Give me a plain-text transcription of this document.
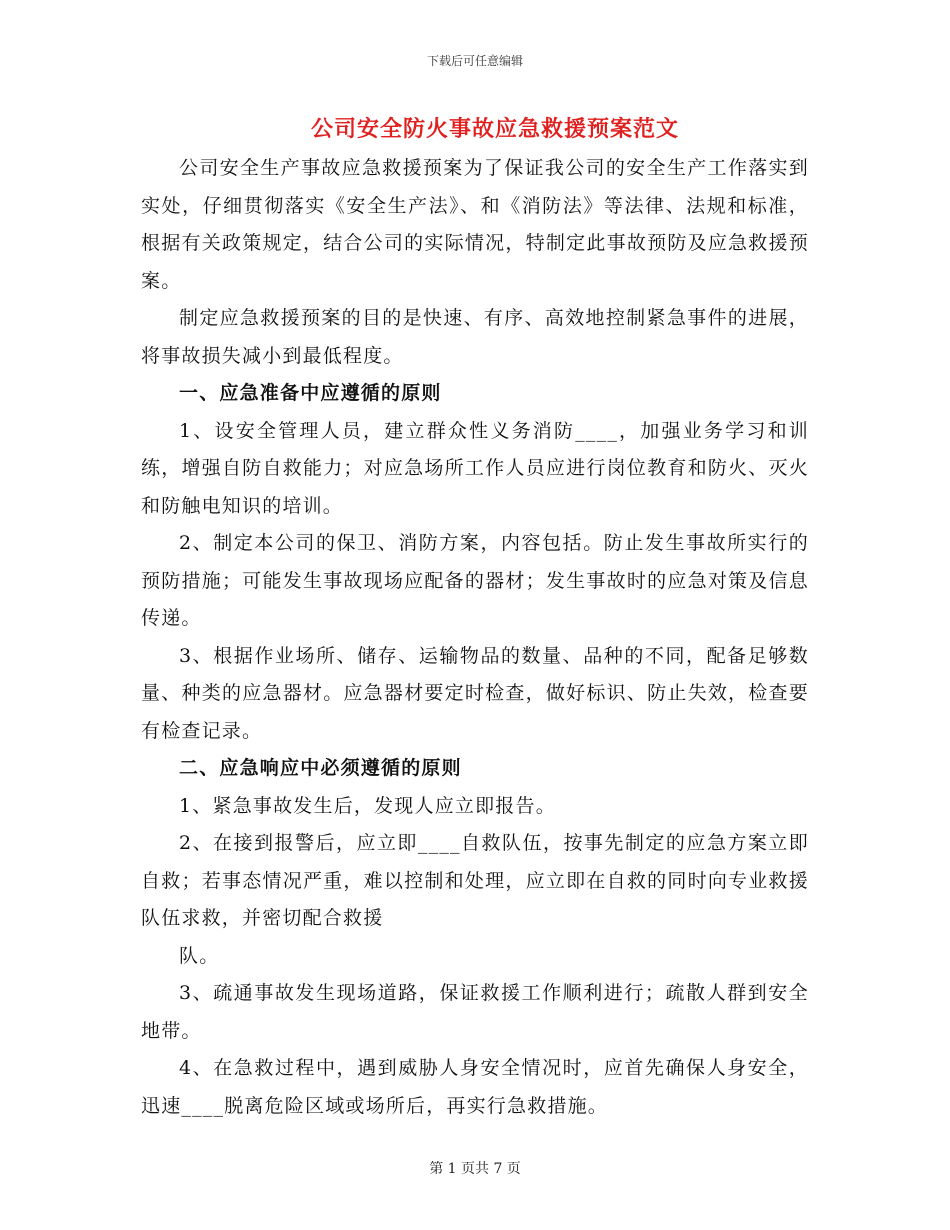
下载后可任意编辑
公司安全防火事故应急救援预案范文

公司安全生产事故应急救援预案为了保证我公司的安全生产工作落实到实处，仔细贯彻落实《安全生产法》、和《消防法》等法律、法规和标准，根据有关政策规定，结合公司的实际情况，特制定此事故预防及应急救援预案。

制定应急救援预案的目的是快速、有序、高效地控制紧急事件的进展，将事故损失减小到最低程度。

一、应急准备中应遵循的原则

1、设安全管理人员，建立群众性义务消防____，加强业务学习和训练，增强自防自救能力；对应急场所工作人员应进行岗位教育和防火、灭火和防触电知识的培训。

2、制定本公司的保卫、消防方案，内容包括。防止发生事故所实行的预防措施；可能发生事故现场应配备的器材；发生事故时的应急对策及信息传递。

3、根据作业场所、储存、运输物品的数量、品种的不同，配备足够数量、种类的应急器材。应急器材要定时检查，做好标识、防止失效，检查要有检查记录。

二、应急响应中必须遵循的原则

1、紧急事故发生后，发现人应立即报告。

2、在接到报警后，应立即____自救队伍，按事先制定的应急方案立即自救；若事态情况严重，难以控制和处理，应立即在自救的同时向专业救援队伍求救，并密切配合救援

队。

3、疏通事故发生现场道路，保证救援工作顺利进行；疏散人群到安全地带。

4、在急救过程中，遇到威胁人身安全情况时，应首先确保人身安全，迅速____脱离危险区域或场所后，再实行急救措施。

第 1 页共 7 页
